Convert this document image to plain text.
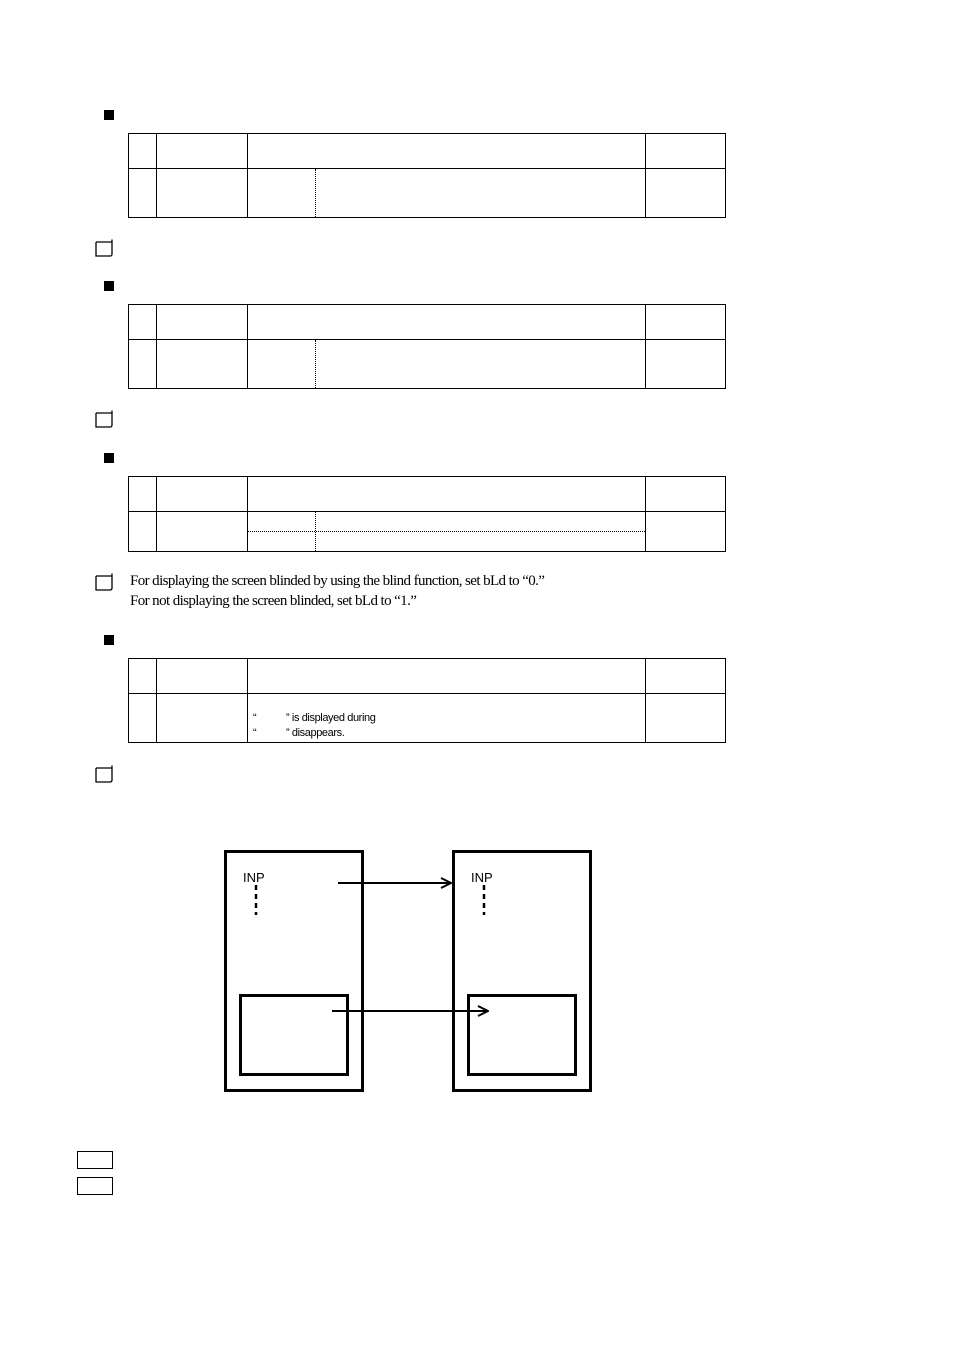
For displaying the screen blinded by using the blind function, set bLd to “0.”
For not displaying the screen blinded, set bLd to “1.”
“	” is displayed during
“	” disappears.
INP	INP
